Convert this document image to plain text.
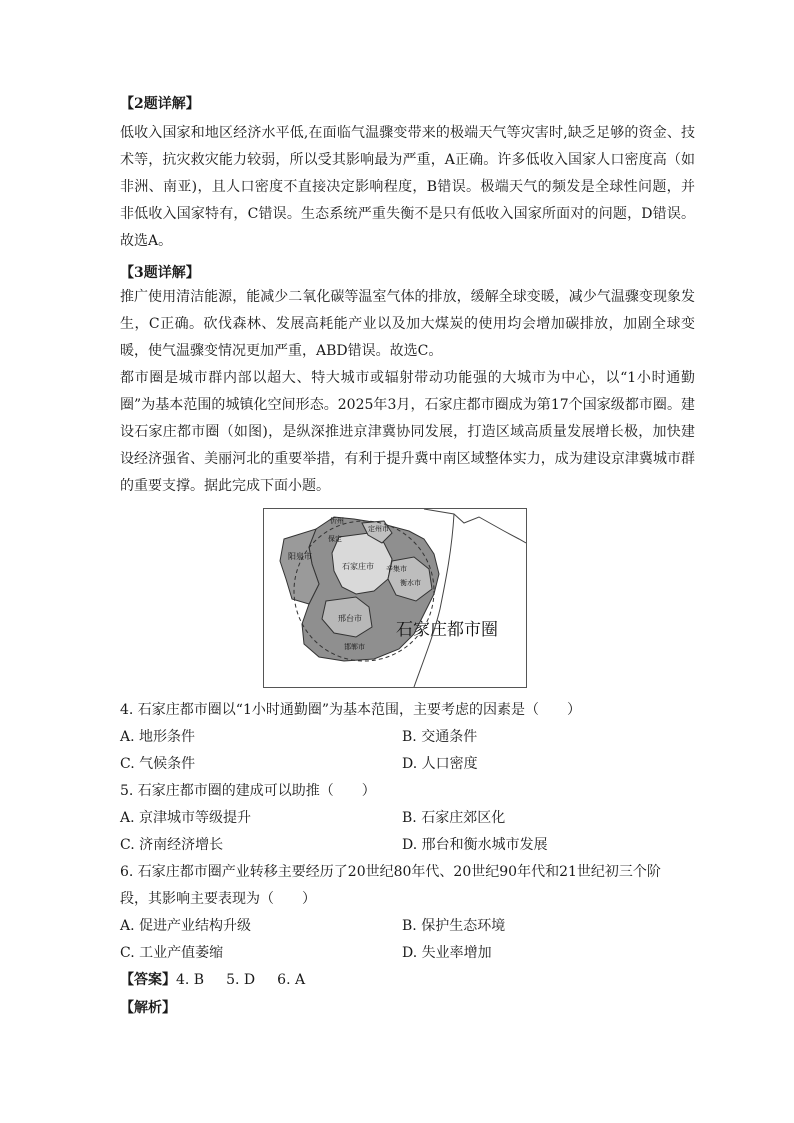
【2题详解】

低收入国家和地区经济水平低,在面临气温骤变带来的极端天气等灾害时,缺乏足够的资金、技术等，抗灾救灾能力较弱，所以受其影响最为严重，A正确。许多低收入国家人口密度高（如非洲、南亚)，且人口密度不直接决定影响程度，B错误。极端天气的频发是全球性问题，并非低收入国家特有，C错误。生态系统严重失衡不是只有低收入国家所面对的问题，D错误。故选A。

【3题详解】

推广使用清洁能源，能减少二氧化碳等温室气体的排放，缓解全球变暖，减少气温骤变现象发生，C正确。砍伐森林、发展高耗能产业以及加大煤炭的使用均会增加碳排放，加剧全球变暖，使气温骤变情况更加严重，ABD错误。故选C。

都市圈是城市群内部以超大、特大城市或辐射带动功能强的大城市为中心，以“1小时通勤圈”为基本范围的城镇化空间形态。2025年3月，石家庄都市圈成为第17个国家级都市圈。建设石家庄都市圈（如图)，是纵深推进京津冀协同发展，打造区域高质量发展增长极，加快建设经济强省、美丽河北的重要举措，有利于提升冀中南区域整体实力，成为建设京津冀城市群的重要支撑。据此完成下面小题。

阳泉市
石家庄市
定州市
辛集市
衡水市
邢台市
邯郸市
忻州
保定
石家庄都市圈
4. 石家庄都市圈以“1小时通勤圈”为基本范围，主要考虑的因素是（　　）
A. 地形条件	B. 交通条件
C. 气候条件	D. 人口密度
5. 石家庄都市圈的建成可以助推（　　）
A. 京津城市等级提升	B. 石家庄郊区化
C. 济南经济增长	D. 邢台和衡水城市发展
6. 石家庄都市圈产业转移主要经历了20世纪80年代、20世纪90年代和21世纪初三个阶
段，其影响主要表现为（　　）
A. 促进产业结构升级	B. 保护生态环境
C. 工业产值萎缩	D. 失业率增加
【答案】4. B 5. D 6. A
【解析】
